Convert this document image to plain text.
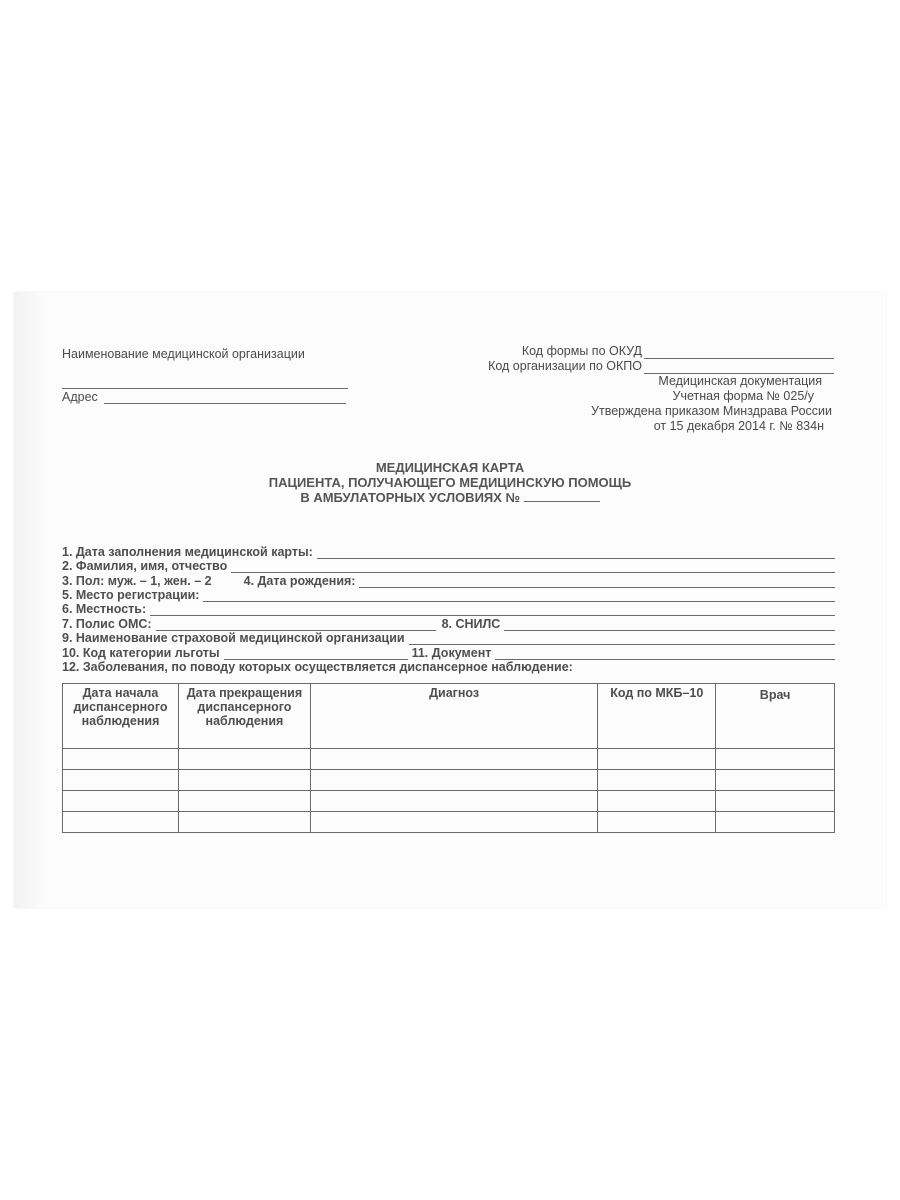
Наименование медицинской организации
Адрес
Код формы по ОКУД
Код организации по ОКПО
Медицинская документация
Учетная форма № 025/у
Утверждена приказом Минздрава России
от 15 декабря 2014 г. № 834н
МЕДИЦИНСКАЯ КАРТА
ПАЦИЕНТА, ПОЛУЧАЮЩЕГО МЕДИЦИНСКУЮ ПОМОЩЬ
В АМБУЛАТОРНЫХ УСЛОВИЯХ №
1. Дата заполнения медицинской карты:
2. Фамилия, имя, отчество
3. Пол: муж. – 1, жен. – 2	4. Дата рождения:
5. Место регистрации:
6. Местность:
7. Полис ОМС:	8. СНИЛС
9. Наименование страховой медицинской организации
10. Код категории льготы	11. Документ
12. Заболевания, по поводу которых осуществляется диспансерное наблюдение:
Дата начала диспансерного наблюдения	Дата прекращения диспансерного наблюдения	Диагноз	Код по МКБ–10	Врач
